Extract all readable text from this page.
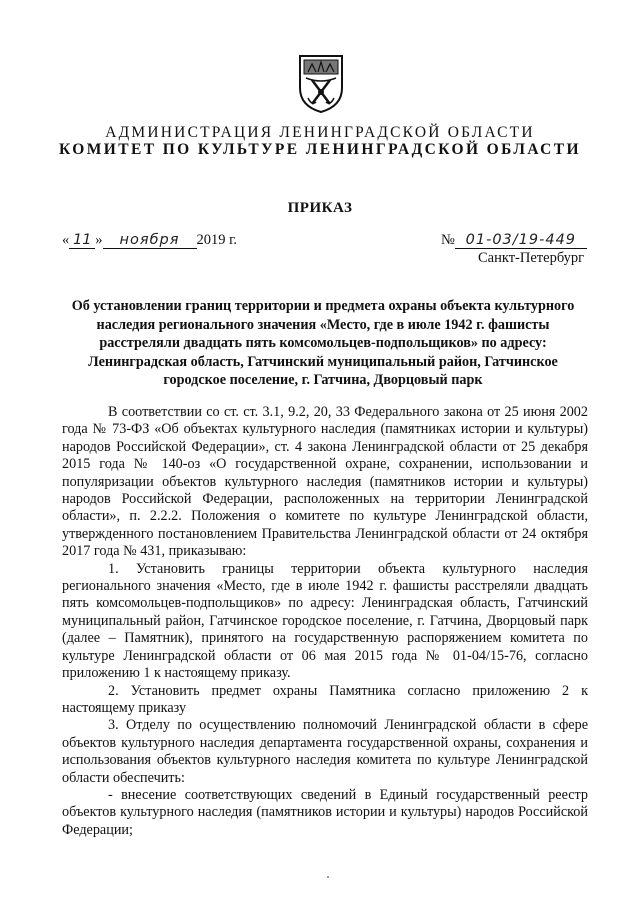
АДМИНИСТРАЦИЯ ЛЕНИНГРАДСКОЙ ОБЛАСТИ
КОМИТЕТ ПО КУЛЬТУРЕ ЛЕНИНГРАДСКОЙ ОБЛАСТИ
ПРИКАЗ
« 11 »	ноября	2019 г.	№ 01-03/19-449
Санкт-Петербург
Об установлении границ территории и предмета охраны объекта культурного наследия регионального значения «Место, где в июле 1942 г. фашисты расстреляли двадцать пять комсомольцев-подпольщиков» по адресу: Ленинградская область, Гатчинский муниципальный район, Гатчинское городское поселение, г. Гатчина, Дворцовый парк

В соответствии со ст. ст. 3.1, 9.2, 20, 33 Федерального закона от 25 июня 2002 года № 73-ФЗ «Об объектах культурного наследия (памятниках истории и культуры) народов Российской Федерации», ст. 4 закона Ленинградской области от 25 декабря 2015 года № 140-оз «О государственной охране, сохранении, использовании и популяризации объектов культурного наследия (памятников истории и культуры) народов Российской Федерации, расположенных на территории Ленинградской области», п. 2.2.2. Положения о комитете по культуре Ленинградской области, утвержденного постановлением Правительства Ленинградской области от 24 октября 2017 года № 431, приказываю:

1. Установить границы территории объекта культурного наследия регионального значения «Место, где в июле 1942 г. фашисты расстреляли двадцать пять комсомольцев-подпольщиков» по адресу: Ленинградская область, Гатчинский муниципальный район, Гатчинское городское поселение, г. Гатчина, Дворцовый парк (далее – Памятник), принятого на государственную распоряжением комитета по культуре Ленинградской области от 06 мая 2015 года № 01-04/15-76, согласно приложению 1 к настоящему приказу.

2. Установить предмет охраны Памятника согласно приложению 2 к настоящему приказу

3. Отделу по осуществлению полномочий Ленинградской области в сфере объектов культурного наследия департамента государственной охраны, сохранения и использования объектов культурного наследия комитета по культуре Ленинградской области обеспечить:

- внесение соответствующих сведений в Единый государственный реестр объектов культурного наследия (памятников истории и культуры) народов Российской Федерации;
